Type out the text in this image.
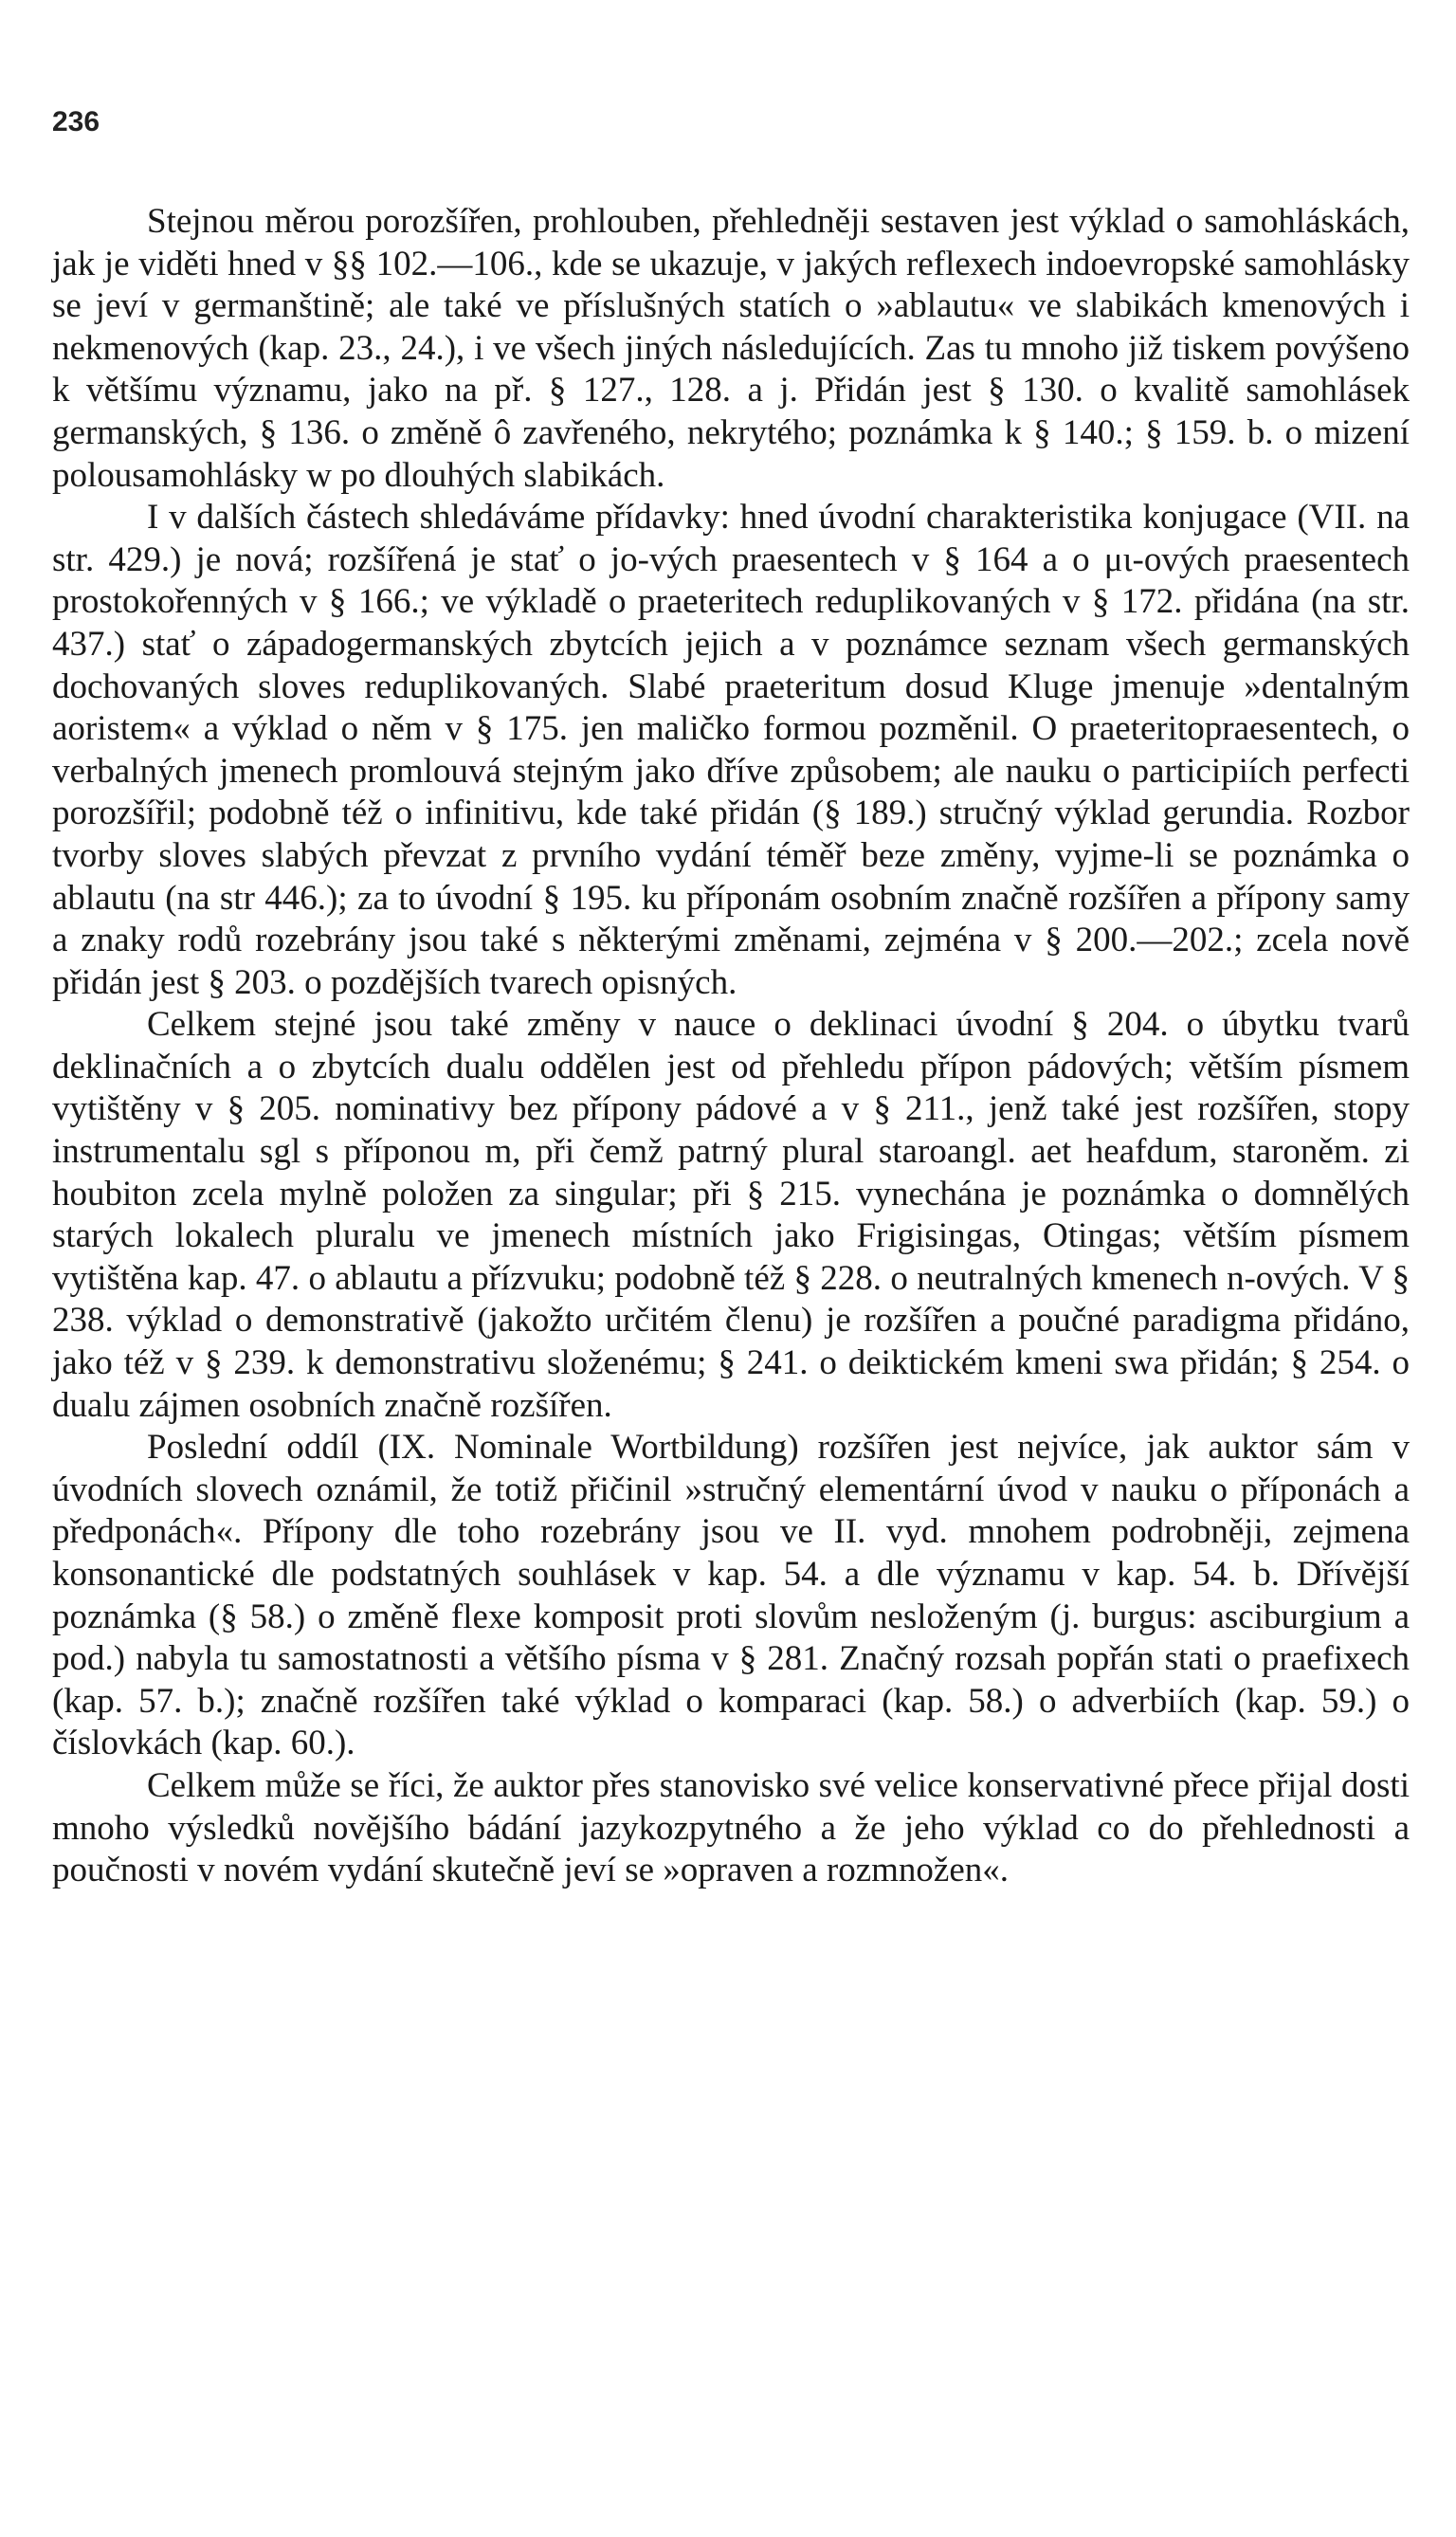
236

Stejnou měrou porozšířen, prohlouben, přehledněji sestaven jest výklad o samohláskách, jak je viděti hned v §§ 102.—106., kde se ukazuje, v jakých reflexech indoevropské samohlásky se jeví v germanštině; ale také ve příslušných statích o »ablautu« ve slabikách kmenových i nekmenových (kap. 23., 24.), i ve všech jiných následujících. Zas tu mnoho již tiskem povýšeno k většímu významu, jako na př. § 127., 128. a j. Přidán jest § 130. o kvalitě samohlásek germanských, § 136. o změně ô zavřeného, nekrytého; poznámka k § 140.; § 159. b. o mizení polousamohlásky w po dlouhých slabikách.

I v dalších částech shledáváme přídavky: hned úvodní charakteristika konjugace (VII. na str. 429.) je nová; rozšířená je stať o jo-vých praesentech v § 164 a o μι-ových praesentech prostokořenných v § 166.; ve výkladě o praeteritech reduplikovaných v § 172. přidána (na str. 437.) stať o západogermanských zbytcích jejich a v poznámce seznam všech germanských dochovaných sloves reduplikovaných. Slabé praeteritum dosud Kluge jmenuje »dentalným aoristem« a výklad o něm v § 175. jen maličko formou pozměnil. O praeteritopraesentech, o verbalných jmenech promlouvá stejným jako dříve způsobem; ale nauku o participiích perfecti porozšířil; podobně též o infinitivu, kde také přidán (§ 189.) stručný výklad gerundia. Rozbor tvorby sloves slabých převzat z prvního vydání téměř beze změny, vyjme-li se poznámka o ablautu (na str 446.); za to úvodní § 195. ku příponám osobním značně rozšířen a přípony samy a znaky rodů rozebrány jsou také s některými změnami, zejména v § 200.—202.; zcela nově přidán jest § 203. o pozdějších tvarech opisných.

Celkem stejné jsou také změny v nauce o deklinaci úvodní § 204. o úbytku tvarů deklinačních a o zbytcích dualu oddělen jest od přehledu přípon pádových; větším písmem vytištěny v § 205. nominativy bez přípony pádové a v § 211., jenž také jest rozšířen, stopy instrumentalu sgl s příponou m, při čemž patrný plural staroangl. aet heafdum, staroněm. zi houbiton zcela mylně položen za singular; při § 215. vynechána je poznámka o domnělých starých lokalech pluralu ve jmenech místních jako Frigisingas, Otingas; větším písmem vytištěna kap. 47. o ablautu a přízvuku; podobně též § 228. o neutralných kmenech n-ových. V § 238. výklad o demonstrativě (jakožto určitém členu) je rozšířen a poučné paradigma přidáno, jako též v § 239. k demonstrativu složenému; § 241. o deiktickém kmeni swa přidán; § 254. o dualu zájmen osobních značně rozšířen.

Poslední oddíl (IX. Nominale Wortbildung) rozšířen jest nejvíce, jak auktor sám v úvodních slovech oznámil, že totiž přičinil »stručný elementární úvod v nauku o příponách a předponách«. Přípony dle toho rozebrány jsou ve II. vyd. mnohem podrobněji, zejmena konsonantické dle podstatných souhlásek v kap. 54. a dle významu v kap. 54. b. Dřívější poznámka (§ 58.) o změně flexe komposit proti slovům nesloženým (j. burgus: asciburgium a pod.) nabyla tu samostatnosti a většího písma v § 281. Značný rozsah popřán stati o praefixech (kap. 57. b.); značně rozšířen také výklad o komparaci (kap. 58.) o adverbiích (kap. 59.) o číslovkách (kap. 60.).

Celkem může se říci, že auktor přes stanovisko své velice konservativné přece přijal dosti mnoho výsledků novějšího bádání jazykozpytného a že jeho výklad co do přehlednosti a poučnosti v novém vydání skutečně jeví se »opraven a rozmnožen«.
